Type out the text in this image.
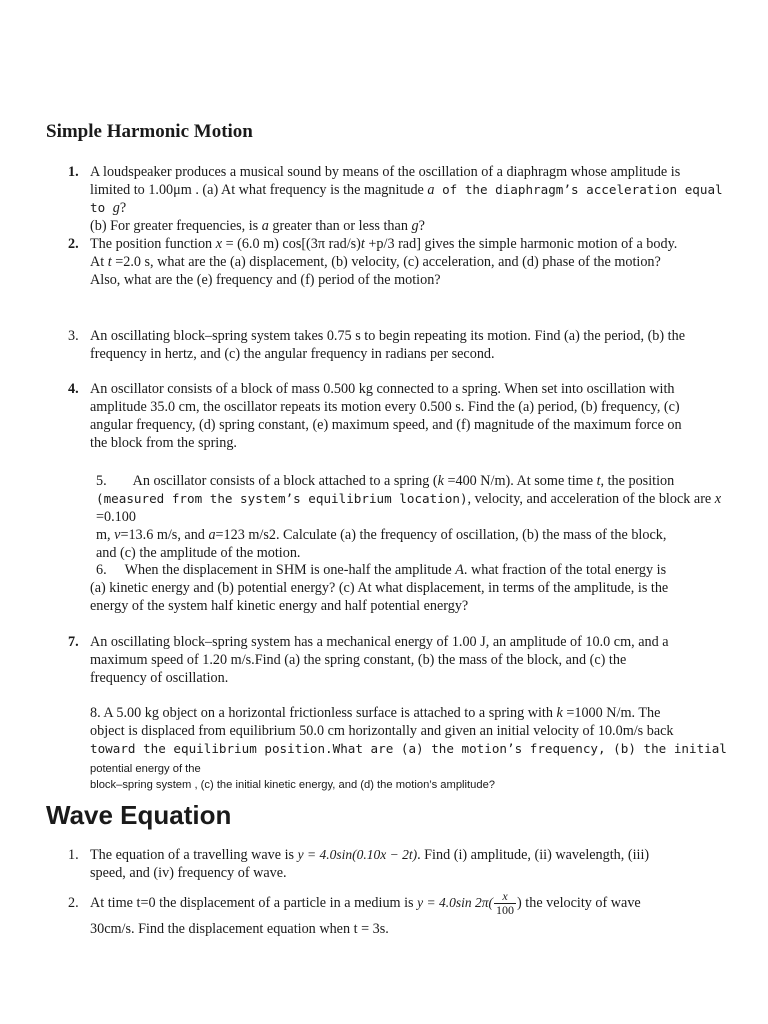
Simple Harmonic Motion
1. A loudspeaker produces a musical sound by means of the oscillation of a diaphragm whose amplitude is
limited to 1.00μm . (a) At what frequency is the magnitude a of the diaphragm’s acceleration equal to g?
(b) For greater frequencies, is a greater than or less than g?
2. The position function x = (6.0 m) cos[(3π rad/s)t +p/3 rad] gives the simple harmonic motion of a body.
At t =2.0 s, what are the (a) displacement, (b) velocity, (c) acceleration, and (d) phase of the motion?
Also, what are the (e) frequency and (f) period of the motion?
3. An oscillating block–spring system takes 0.75 s to begin repeating its motion. Find (a) the period, (b) the
frequency in hertz, and (c) the angular frequency in radians per second.
4. An oscillator consists of a block of mass 0.500 kg connected to a spring. When set into oscillation with
amplitude 35.0 cm, the oscillator repeats its motion every 0.500 s. Find the (a) period, (b) frequency, (c)
angular frequency, (d) spring constant, (e) maximum speed, and (f) magnitude of the maximum force on
the block from the spring.
5. An oscillator consists of a block attached to a spring (k =400 N/m). At some time t, the position
(measured from the system’s equilibrium location), velocity, and acceleration of the block are x =0.100
m, v=13.6 m/s, and a=123 m/s2. Calculate (a) the frequency of oscillation, (b) the mass of the block,
and (c) the amplitude of the motion.
6. When the displacement in SHM is one-half the amplitude A. what fraction of the total energy is
(a) kinetic energy and (b) potential energy? (c) At what displacement, in terms of the amplitude, is the
energy of the system half kinetic energy and half potential energy?
7. An oscillating block–spring system has a mechanical energy of 1.00 J, an amplitude of 10.0 cm, and a
maximum speed of 1.20 m/s.Find (a) the spring constant, (b) the mass of the block, and (c) the
frequency of oscillation.
8. A 5.00 kg object on a horizontal frictionless surface is attached to a spring with k =1000 N/m. The
object is displaced from equilibrium 50.0 cm horizontally and given an initial velocity of 10.0m/s back
toward the equilibrium position.What are (a) the motion’s frequency, (b) the initial potential energy of the
block–spring system , (c) the initial kinetic energy, and (d) the motion’s amplitude?
Wave Equation
1. The equation of a travelling wave is y = 4.0sin(0.10x − 2t). Find (i) amplitude, (ii) wavelength, (iii)
speed, and (iv) frequency of wave.
2. At time t=0 the displacement of a particle in a medium is y = 4.0sin $2\pi( \frac{x}{100}$ ) the velocity of wave
30cm/s. Find the displacement equation when t = 3s.
